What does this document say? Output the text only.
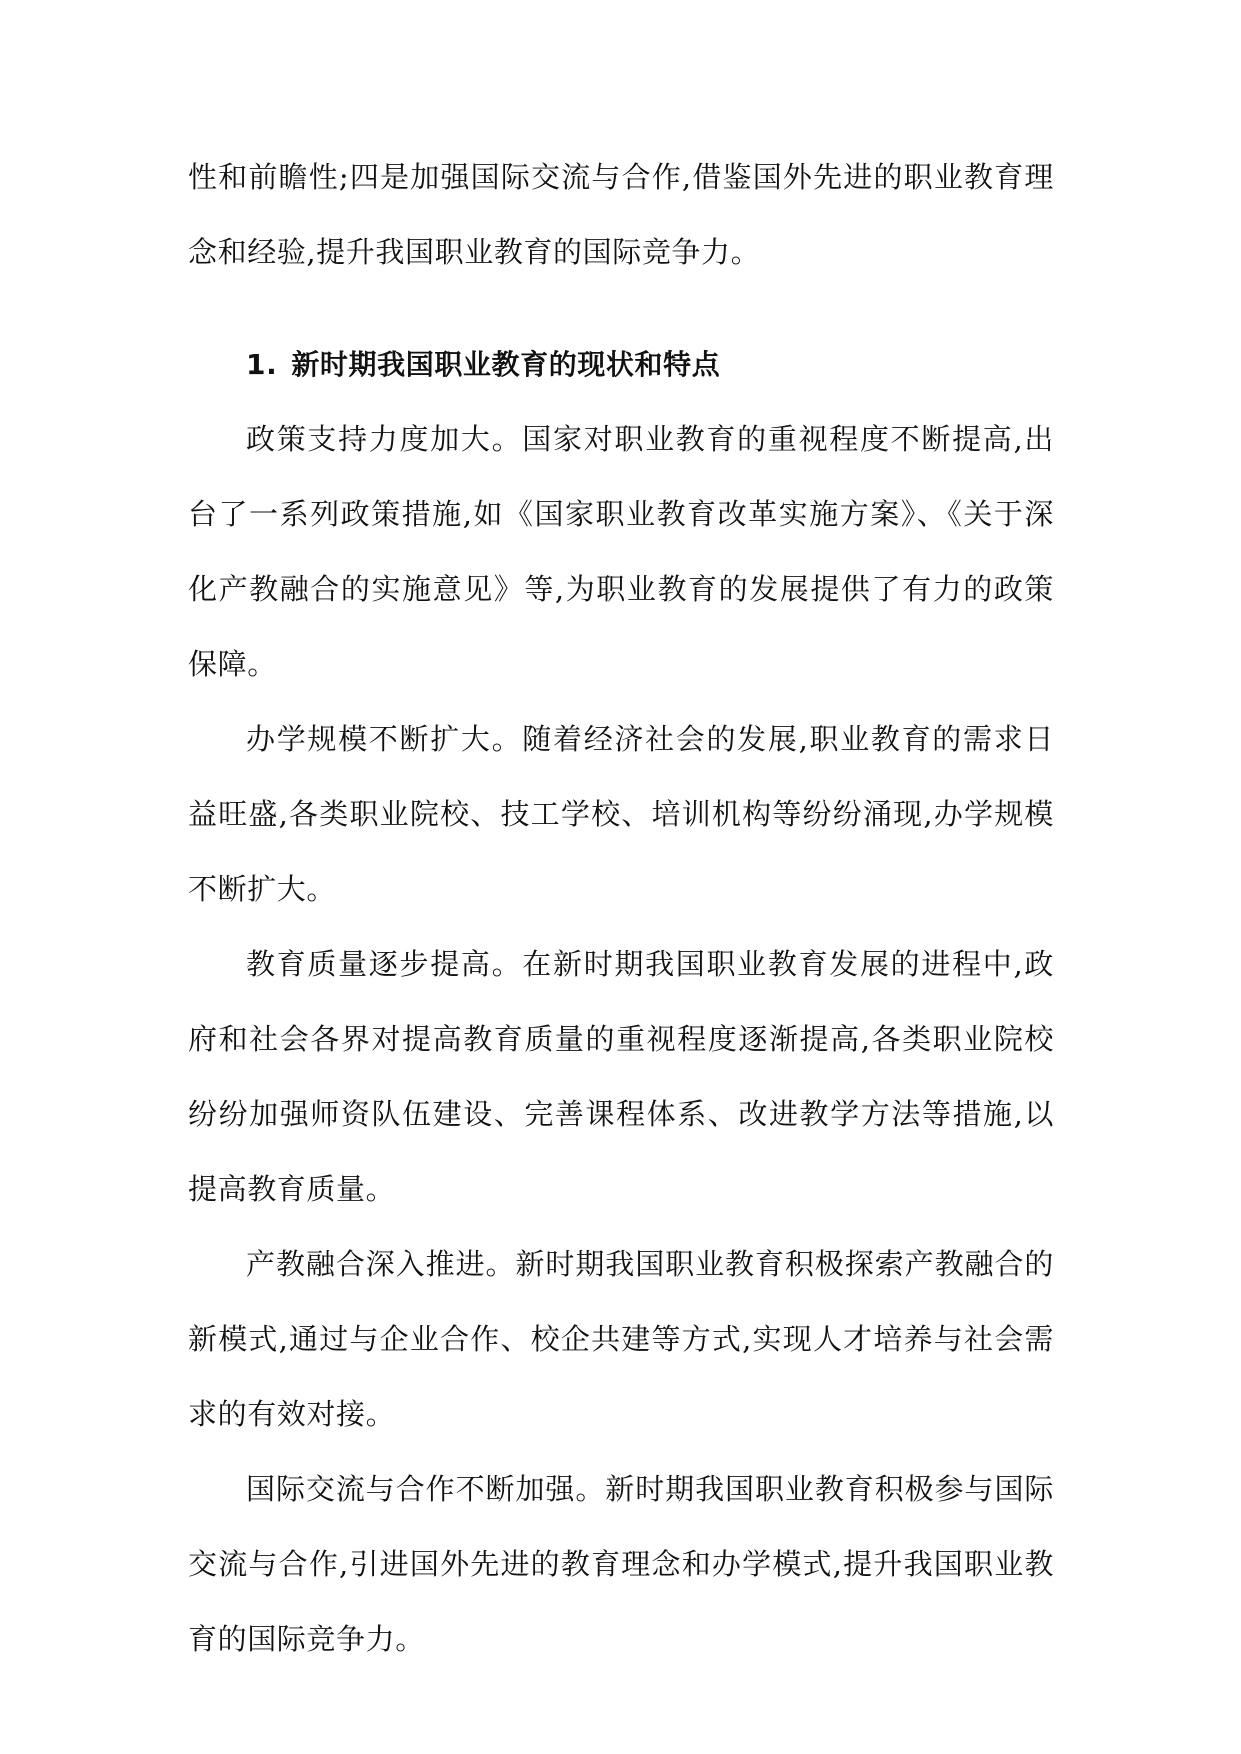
性和前瞻性;四是加强国际交流与合作,借鉴国外先进的职业教育理念和经验,提升我国职业教育的国际竞争力。

1. 新时期我国职业教育的现状和特点

政策支持力度加大。国家对职业教育的重视程度不断提高,出台了一系列政策措施,如《国家职业教育改革实施方案》、《关于深化产教融合的实施意见》等,为职业教育的发展提供了有力的政策保障。

办学规模不断扩大。随着经济社会的发展,职业教育的需求日益旺盛,各类职业院校、技工学校、培训机构等纷纷涌现,办学规模不断扩大。

教育质量逐步提高。在新时期我国职业教育发展的进程中,政府和社会各界对提高教育质量的重视程度逐渐提高,各类职业院校纷纷加强师资队伍建设、完善课程体系、改进教学方法等措施,以提高教育质量。

产教融合深入推进。新时期我国职业教育积极探索产教融合的新模式,通过与企业合作、校企共建等方式,实现人才培养与社会需求的有效对接。

国际交流与合作不断加强。新时期我国职业教育积极参与国际交流与合作,引进国外先进的教育理念和办学模式,提升我国职业教育的国际竞争力。
